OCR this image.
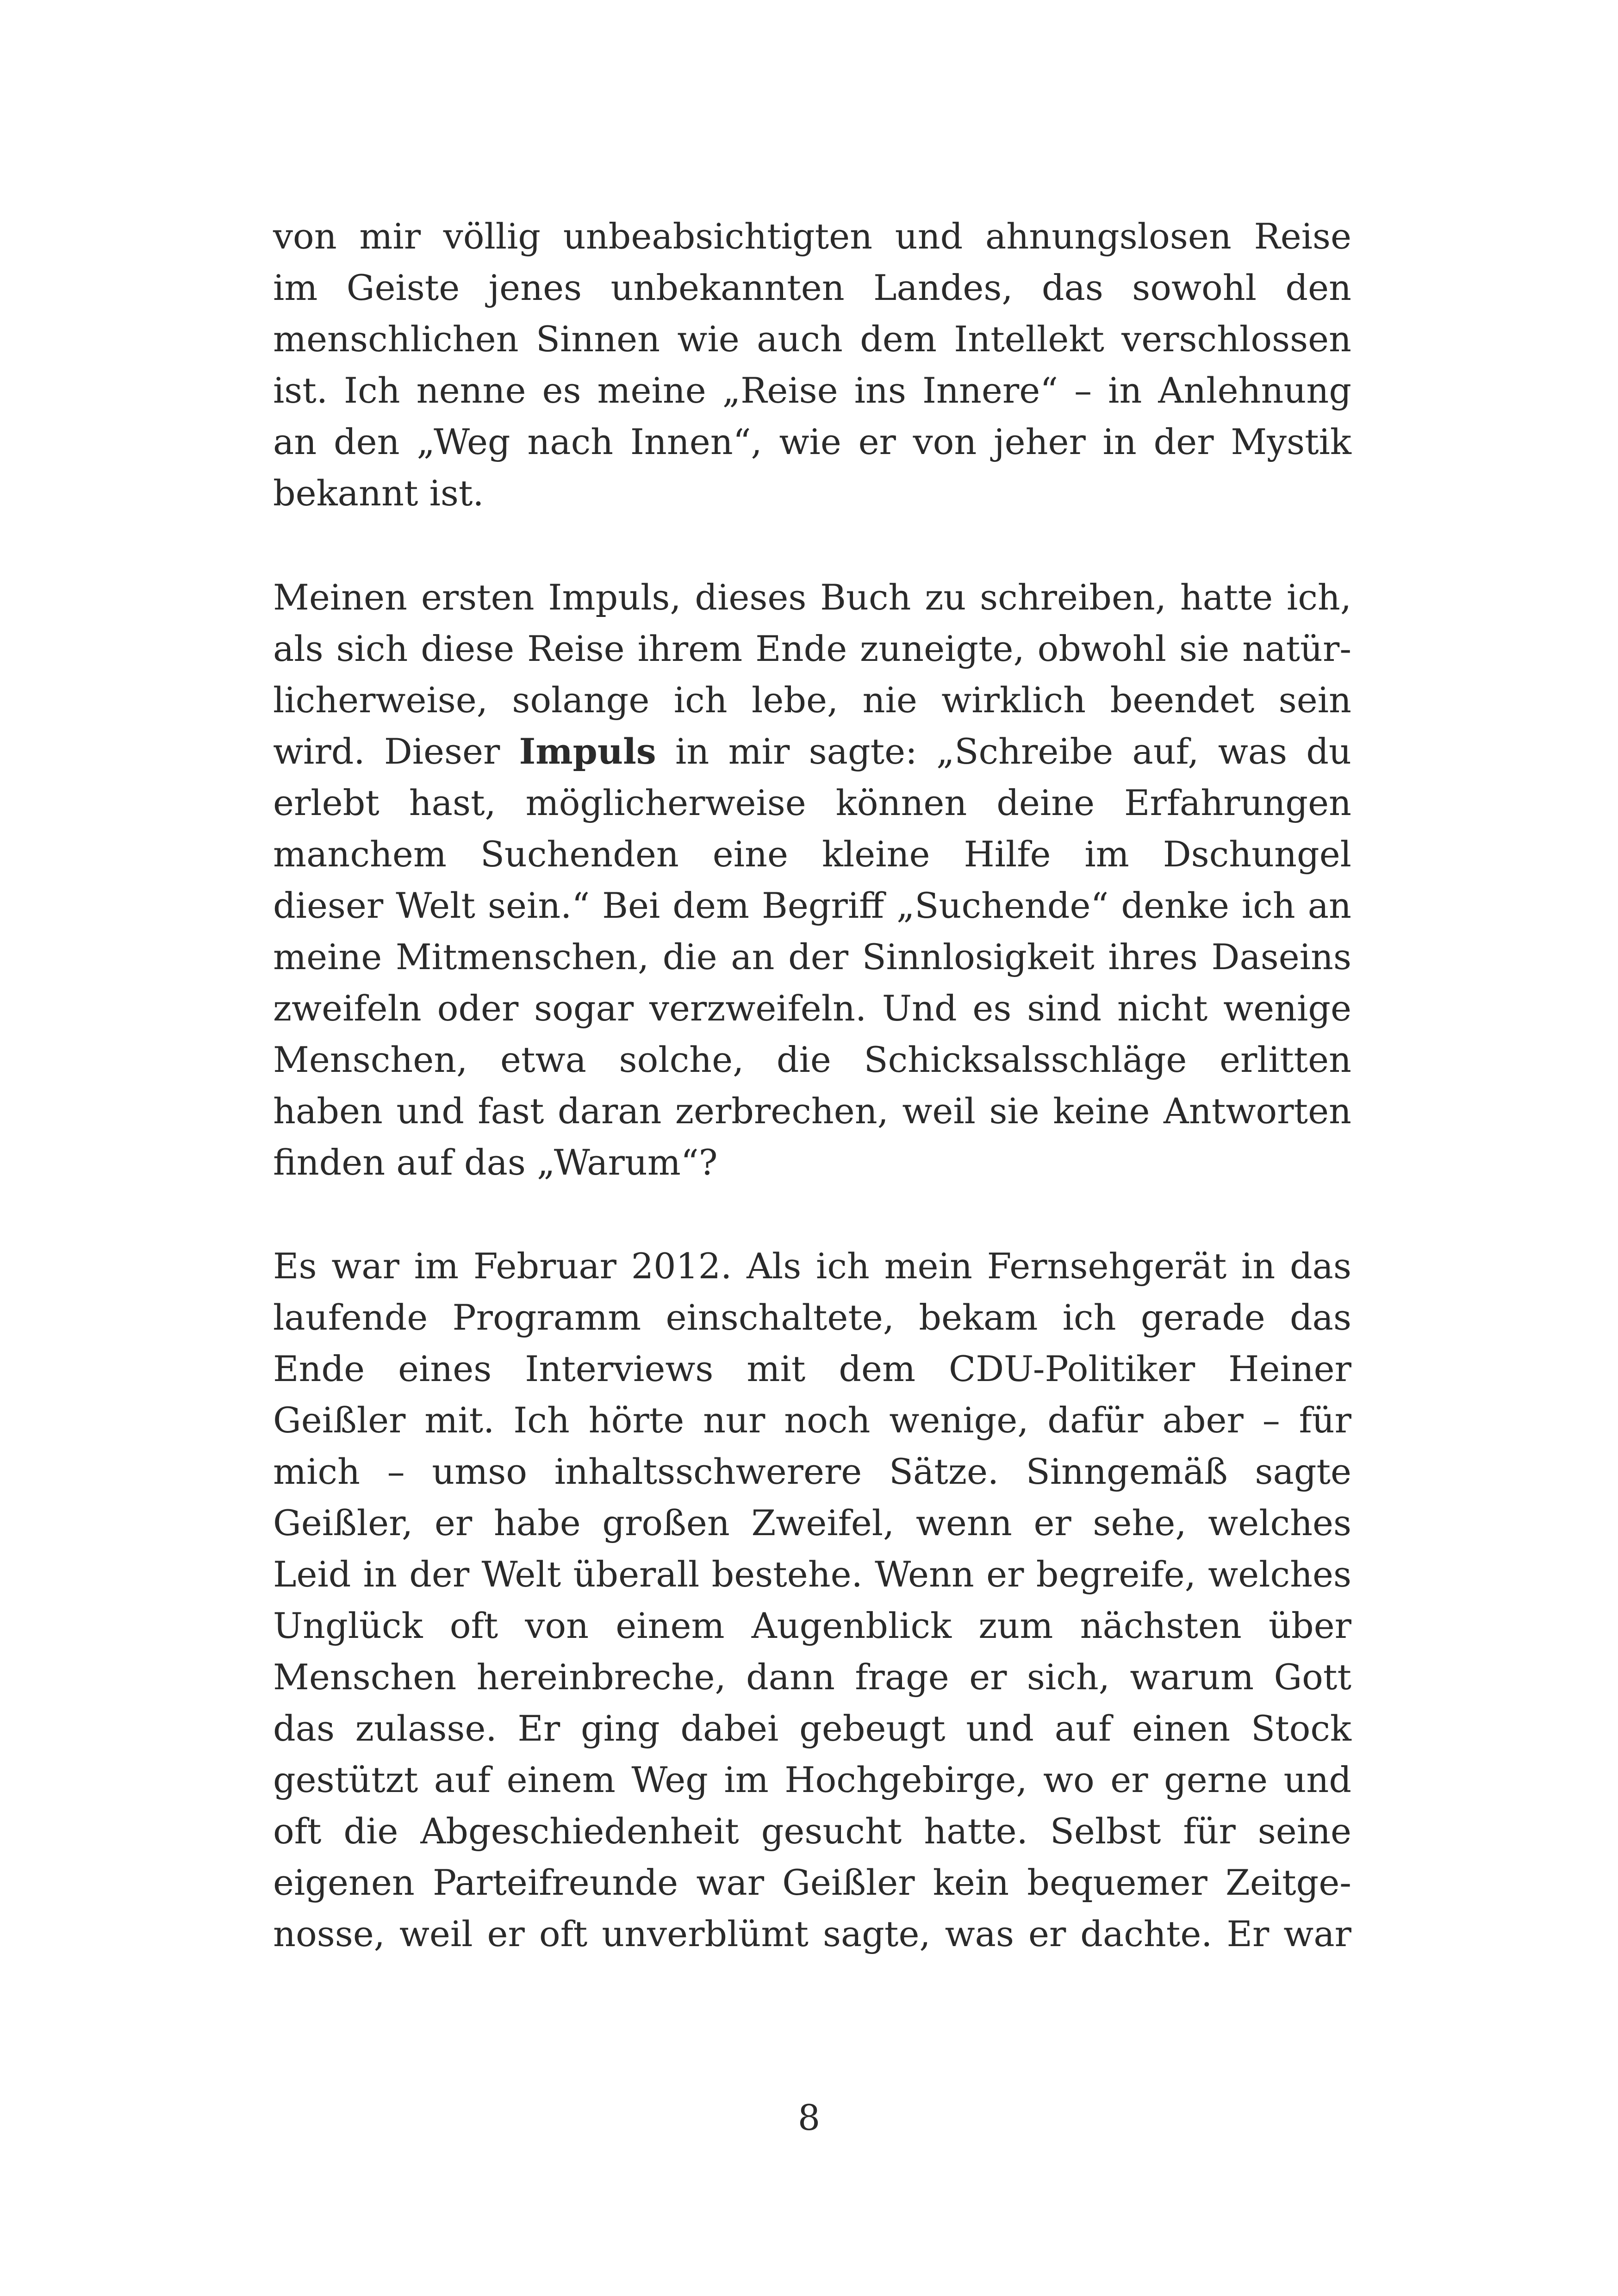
von mir völlig unbeabsichtigten und ahnungslosen Reise
im Geiste jenes unbekannten Landes, das sowohl den
menschlichen Sinnen wie auch dem Intellekt verschlossen
ist. Ich nenne es meine „Reise ins Innere“ – in Anlehnung
an den „Weg nach Innen“, wie er von jeher in der Mystik
bekannt ist.
Meinen ersten Impuls, dieses Buch zu schreiben, hatte ich,
als sich diese Reise ihrem Ende zuneigte, obwohl sie natür-
licherweise, solange ich lebe, nie wirklich beendet sein
wird. Dieser Impuls in mir sagte: „Schreibe auf, was du
erlebt hast, möglicherweise können deine Erfahrungen
manchem Suchenden eine kleine Hilfe im Dschungel
dieser Welt sein.“ Bei dem Begriff „Suchende“ denke ich an
meine Mitmenschen, die an der Sinnlosigkeit ihres Daseins
zweifeln oder sogar verzweifeln. Und es sind nicht wenige
Menschen, etwa solche, die Schicksalsschläge erlitten
haben und fast daran zerbrechen, weil sie keine Antworten
finden auf das „Warum“?
Es war im Februar 2012. Als ich mein Fernsehgerät in das
laufende Programm einschaltete, bekam ich gerade das
Ende eines Interviews mit dem CDU-Politiker Heiner
Geißler mit. Ich hörte nur noch wenige, dafür aber – für
mich – umso inhaltsschwerere Sätze. Sinngemäß sagte
Geißler, er habe großen Zweifel, wenn er sehe, welches
Leid in der Welt überall bestehe. Wenn er begreife, welches
Unglück oft von einem Augenblick zum nächsten über
Menschen hereinbreche, dann frage er sich, warum Gott
das zulasse. Er ging dabei gebeugt und auf einen Stock
gestützt auf einem Weg im Hochgebirge, wo er gerne und
oft die Abgeschiedenheit gesucht hatte. Selbst für seine
eigenen Parteifreunde war Geißler kein bequemer Zeitge-
nosse, weil er oft unverblümt sagte, was er dachte. Er war
8
